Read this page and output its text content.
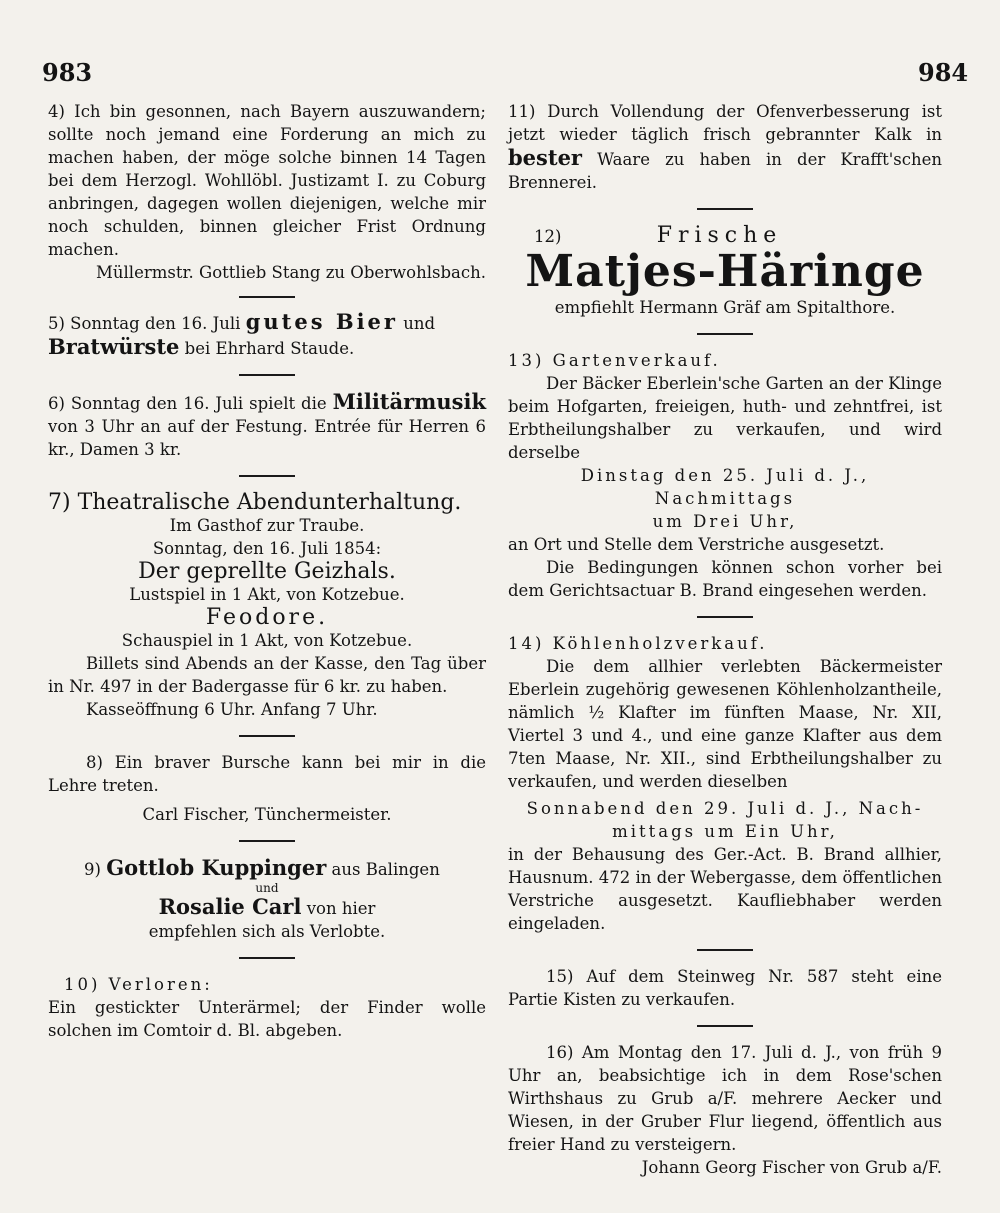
983	984

4) Ich bin gesonnen, nach Bayern auszuwandern; sollte noch jemand eine Forderung an mich zu machen haben, der möge solche binnen 14 Tagen bei dem Herzogl. Wohllöbl. Justizamt I. zu Coburg anbringen, dagegen wollen diejenigen, welche mir noch schulden, binnen gleicher Frist Ordnung machen.

Müllermstr. Gottlieb Stang zu Oberwohlsbach.

5) Sonntag den 16. Juli gutes Bier und Bratwürste bei Ehrhard Staude.

6) Sonntag den 16. Juli spielt die Militärmusik von 3 Uhr an auf der Festung. Entrée für Herren 6 kr., Damen 3 kr.

7) Theatralische Abendunterhaltung.

Im Gasthof zur Traube.

Sonntag, den 16. Juli 1854:

Der geprellte Geizhals.

Lustspiel in 1 Akt, von Kotzebue.

Feodore.

Schauspiel in 1 Akt, von Kotzebue.

Billets sind Abends an der Kasse, den Tag über in Nr. 497 in der Badergasse für 6 kr. zu haben.

Kasseöffnung 6 Uhr. Anfang 7 Uhr.

8) Ein braver Bursche kann bei mir in die Lehre treten.

Carl Fischer, Tünchermeister.

9) Gottlob Kuppinger aus Balingen

und

Rosalie Carl von hier

empfehlen sich als Verlobte.

10) Verloren:

Ein gestickter Unterärmel; der Finder wolle solchen im Comtoir d. Bl. abgeben.

11) Durch Vollendung der Ofenverbesserung ist jetzt wieder täglich frisch gebrannter Kalk in bester Waare zu haben in der Krafft'schen Brennerei.

12)	Frische

Matjes-Häringe

empfiehlt Hermann Gräf am Spitalthore.

13) Gartenverkauf.

Der Bäcker Eberlein'sche Garten an der Klinge beim Hofgarten, freieigen, huth- und zehntfrei, ist Erbtheilungshalber zu verkaufen, und wird derselbe

Dinstag den 25. Juli d. J., Nachmittags

um Drei Uhr,

an Ort und Stelle dem Verstriche ausgesetzt.

Die Bedingungen können schon vorher bei dem Gerichtsactuar B. Brand eingesehen werden.

14) Köhlenholzverkauf.

Die dem allhier verlebten Bäckermeister Eberlein zugehörig gewesenen Köhlenholzantheile, nämlich ½ Klafter im fünften Maase, Nr. XII, Viertel 3 und 4., und eine ganze Klafter aus dem 7ten Maase, Nr. XII., sind Erbtheilungshalber zu verkaufen, und werden dieselben

Sonnabend den 29. Juli d. J., Nach-

mittags um Ein Uhr,

in der Behausung des Ger.-Act. B. Brand allhier, Hausnum. 472 in der Webergasse, dem öffentlichen Verstriche ausgesetzt. Kaufliebhaber werden eingeladen.

15) Auf dem Steinweg Nr. 587 steht eine Partie Kisten zu verkaufen.

16) Am Montag den 17. Juli d. J., von früh 9 Uhr an, beabsichtige ich in dem Rose'schen Wirthshaus zu Grub a/F. mehrere Aecker und Wiesen, in der Gruber Flur liegend, öffentlich aus freier Hand zu versteigern.

Johann Georg Fischer von Grub a/F.
